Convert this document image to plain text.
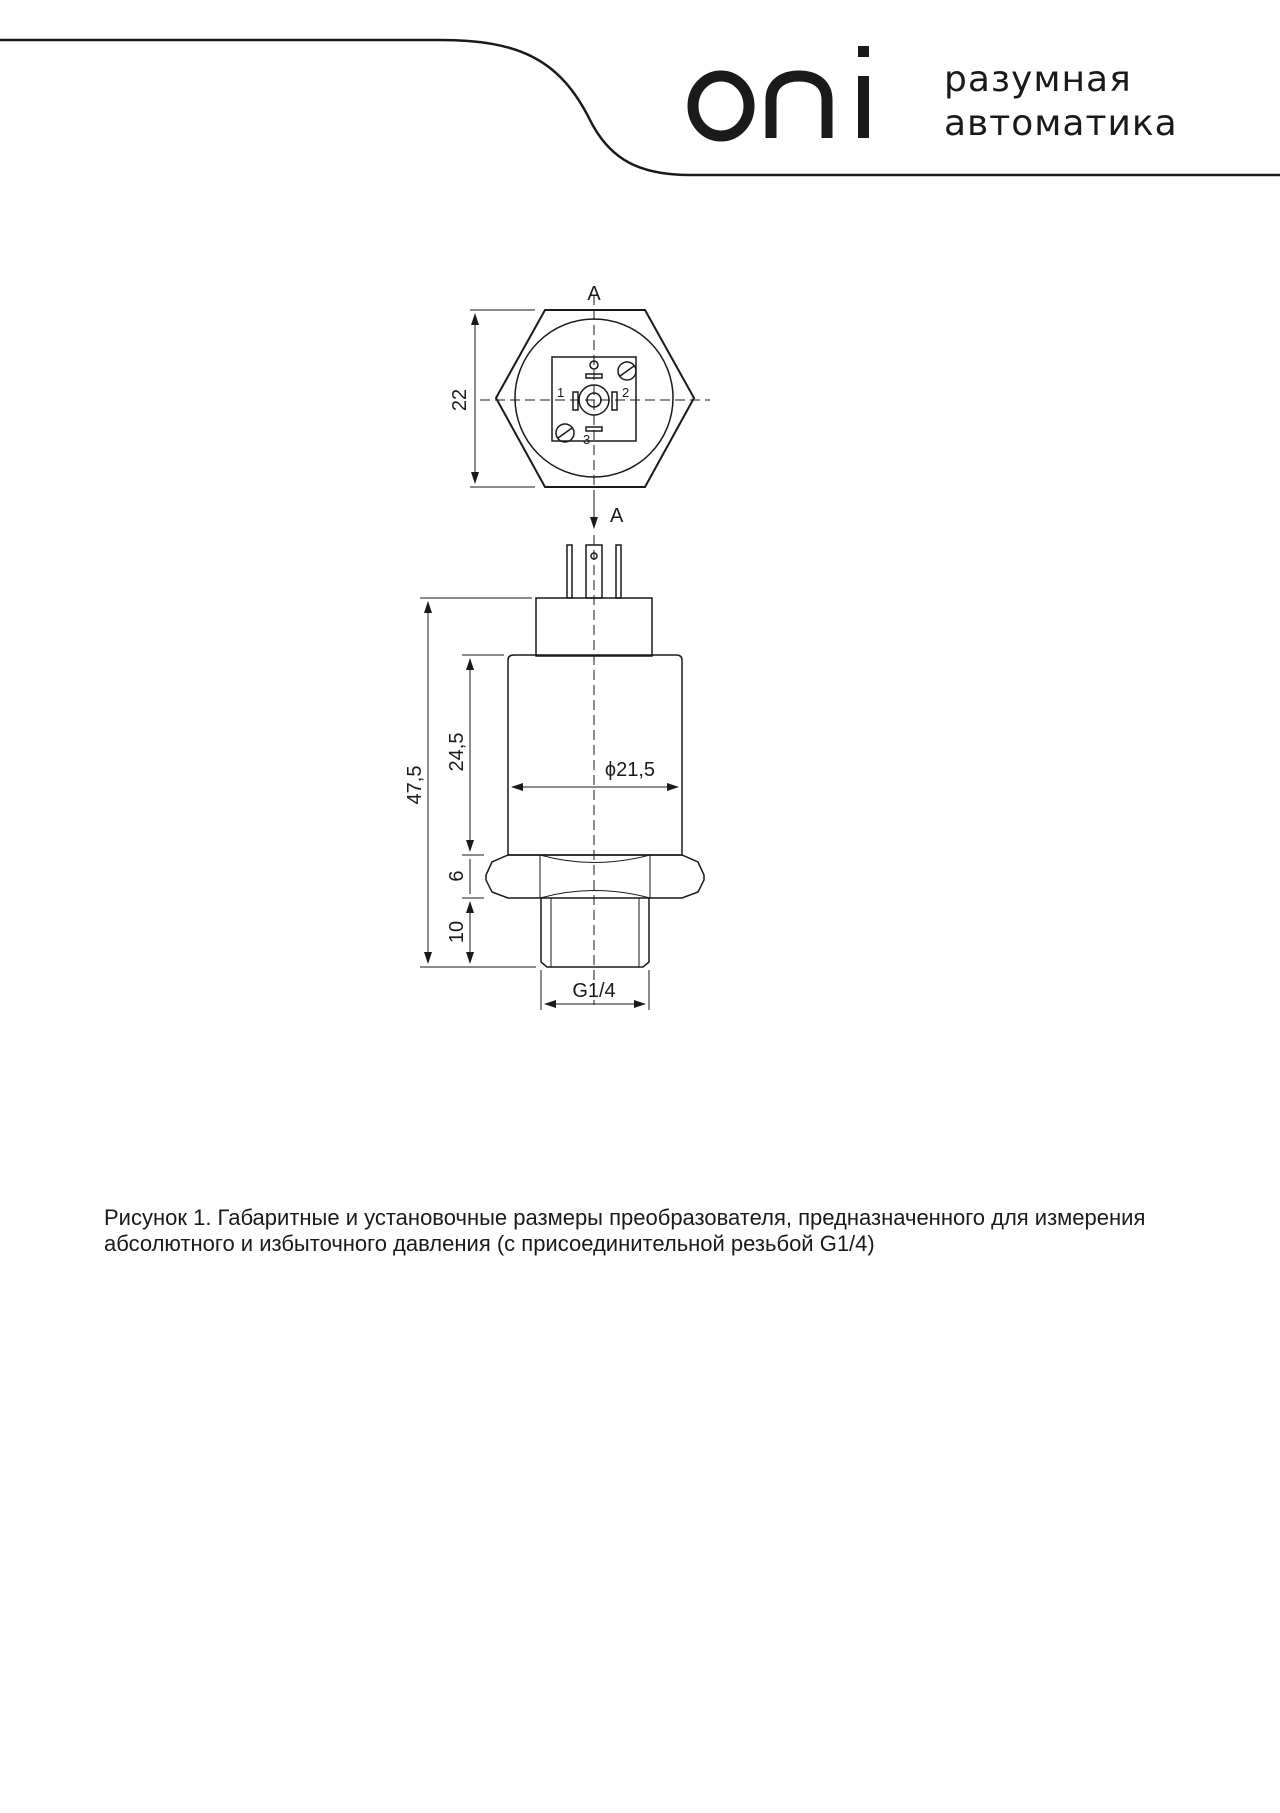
oni
разумная
автоматика
A
A
22	1	2
3
47,5
24,5
6
10
ϕ21,5
G1/4
Рисунок 1. Габаритные и установочные размеры преобразователя, предназначенного для измерения
абсолютного и избыточного давления (с присоединительной резьбой G1/4)
